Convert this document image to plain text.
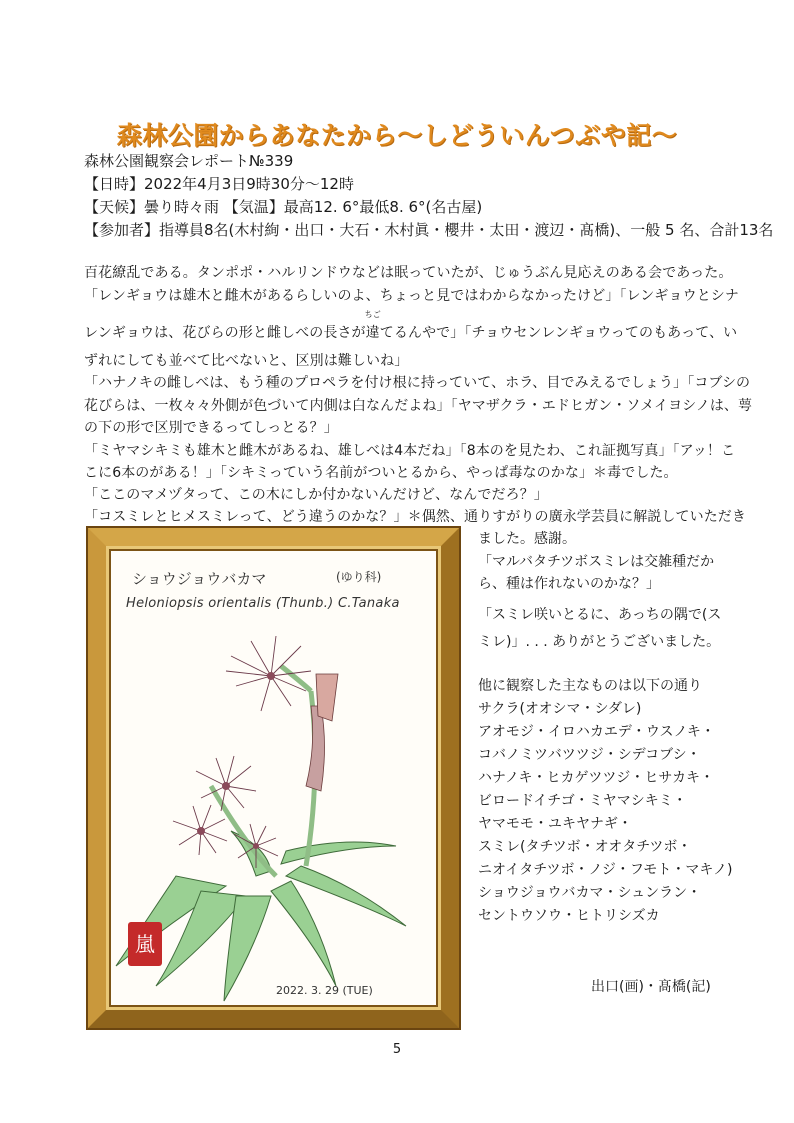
森林公園からあなたから〜しどういんつぶや記〜
森林公園観察会レポート№339
【日時】2022年4月3日9時30分〜12時
【天候】曇り時々雨 【気温】最高12. 6°最低8. 6°(名古屋)
【参加者】指導員8名(木村絢・出口・大石・木村眞・櫻井・太田・渡辺・髙橋)、一般 5 名、合計13名
百花繚乱である。タンポポ・ハルリンドウなどは眠っていたが、じゅうぶん見応えのある会であった。
「レンギョウは雄木と雌木があるらしいのよ、ちょっと見ではわからなかったけど」「レンギョウとシナ
レンギョウは、花びらの形と雌しべの長さが
ちご
違てるんやで」「チョウセンレンギョウってのもあって、い
ずれにしても並べて比べないと、区別は難しいね」
「ハナノキの雌しべは、もう種のプロペラを付け根に持っていて、ホラ、目でみえるでしょう」「コブシの
花びらは、一枚々々外側が色づいて内側は白なんだよね」「ヤマザクラ・エドヒガン・ソメイヨシノは、萼
の下の形で区別できるってしっとる？」
「ミヤマシキミも雄木と雌木があるね、雄しべは4本だね」「8本のを見たわ、これ証拠写真」「アッ！こ
こに6本のがある！」「シキミっていう名前がついとるから、やっぱ毒なのかな」＊毒でした。
「ここのマメヅタって、この木にしか付かないんだけど、なんでだろ？」
「コスミレとヒメスミレって、どう違うのかな？」＊偶然、通りすがりの廣永学芸員に解説していただき
ショウジョウバカマ	(ゆり科)
Heloniopsis orientalis (Thunb.) C.Tanaka
嵐
2022. 3. 29 (TUE)
ました。感謝。
「マルバタチツボスミレは交雑種だか
ら、種は作れないのかな？」
「スミレ咲いとるに、あっちの隅で(ス
ミレ)」. . . ありがとうございました。
他に観察した主なものは以下の通り
サクラ(オオシマ・シダレ)
アオモジ・イロハカエデ・ウスノキ・
コバノミツバツツジ・シデコブシ・
ハナノキ・ヒカゲツツジ・ヒサカキ・
ビロードイチゴ・ミヤマシキミ・
ヤマモモ・ユキヤナギ・
スミレ(タチツボ・オオタチツボ・
ニオイタチツボ・ノジ・フモト・マキノ)
ショウジョウバカマ・シュンラン・
セントウソウ・ヒトリシズカ
出口(画)・髙橋(記)
5
